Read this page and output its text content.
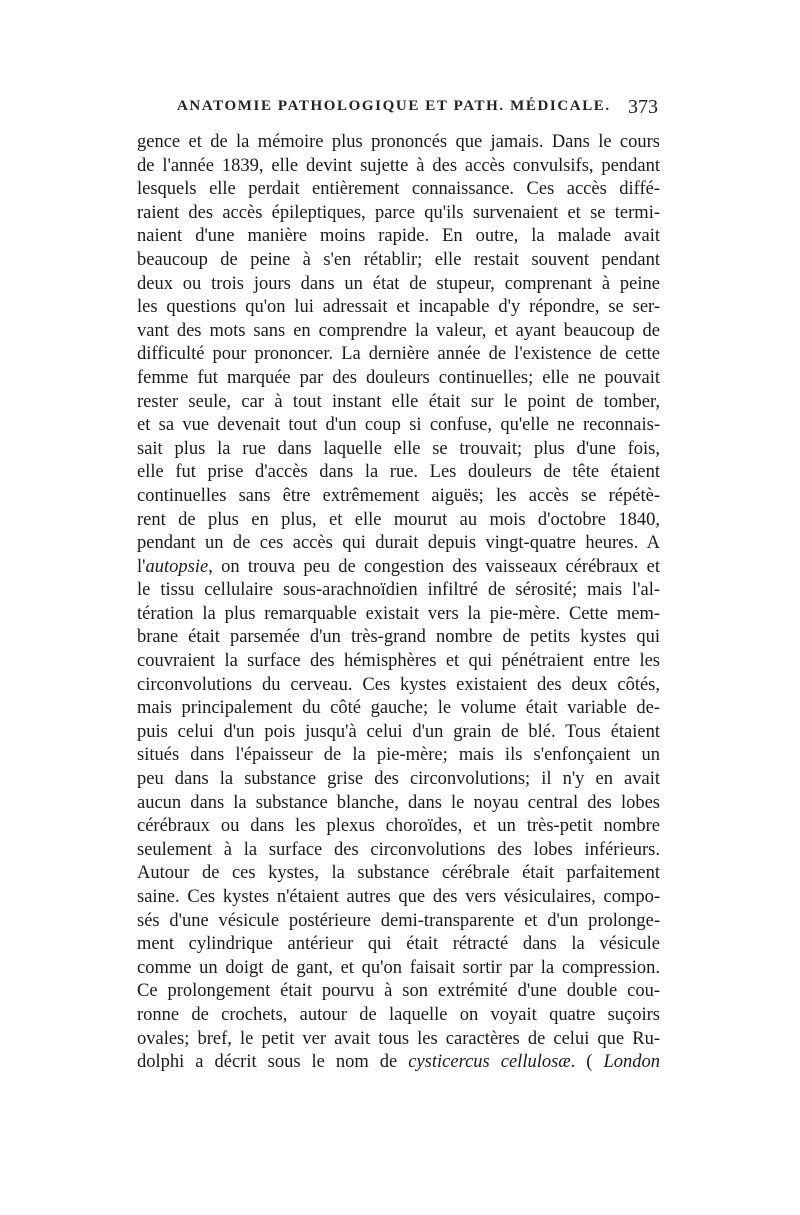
ANATOMIE PATHOLOGIQUE ET PATH. MÉDICALE. 373
gence et de la mémoire plus prononcés que jamais. Dans le cours
de l'année 1839, elle devint sujette à des accès convulsifs, pendant
lesquels elle perdait entièrement connaissance. Ces accès diffé-
raient des accès épileptiques, parce qu'ils survenaient et se termi-
naient d'une manière moins rapide. En outre, la malade avait
beaucoup de peine à s'en rétablir; elle restait souvent pendant
deux ou trois jours dans un état de stupeur, comprenant à peine
les questions qu'on lui adressait et incapable d'y répondre, se ser-
vant des mots sans en comprendre la valeur, et ayant beaucoup de
difficulté pour prononcer. La dernière année de l'existence de cette
femme fut marquée par des douleurs continuelles; elle ne pouvait
rester seule, car à tout instant elle était sur le point de tomber,
et sa vue devenait tout d'un coup si confuse, qu'elle ne reconnais-
sait plus la rue dans laquelle elle se trouvait; plus d'une fois,
elle fut prise d'accès dans la rue. Les douleurs de tête étaient
continuelles sans être extrêmement aiguës; les accès se répétè-
rent de plus en plus, et elle mourut au mois d'octobre 1840,
pendant un de ces accès qui durait depuis vingt-quatre heures. A
l'autopsie, on trouva peu de congestion des vaisseaux cérébraux et
le tissu cellulaire sous-arachnoïdien infiltré de sérosité; mais l'al-
tération la plus remarquable existait vers la pie-mère. Cette mem-
brane était parsemée d'un très-grand nombre de petits kystes qui
couvraient la surface des hémisphères et qui pénétraient entre les
circonvolutions du cerveau. Ces kystes existaient des deux côtés,
mais principalement du côté gauche; le volume était variable de-
puis celui d'un pois jusqu'à celui d'un grain de blé. Tous étaient
situés dans l'épaisseur de la pie-mère; mais ils s'enfonçaient un
peu dans la substance grise des circonvolutions; il n'y en avait
aucun dans la substance blanche, dans le noyau central des lobes
cérébraux ou dans les plexus choroïdes, et un très-petit nombre
seulement à la surface des circonvolutions des lobes inférieurs.
Autour de ces kystes, la substance cérébrale était parfaitement
saine. Ces kystes n'étaient autres que des vers vésiculaires, compo-
sés d'une vésicule postérieure demi-transparente et d'un prolonge-
ment cylindrique antérieur qui était rétracté dans la vésicule
comme un doigt de gant, et qu'on faisait sortir par la compression.
Ce prolongement était pourvu à son extrémité d'une double cou-
ronne de crochets, autour de laquelle on voyait quatre suçoirs
ovales; bref, le petit ver avait tous les caractères de celui que Ru-
dolphi a décrit sous le nom de cysticercus cellulosæ. ( London
